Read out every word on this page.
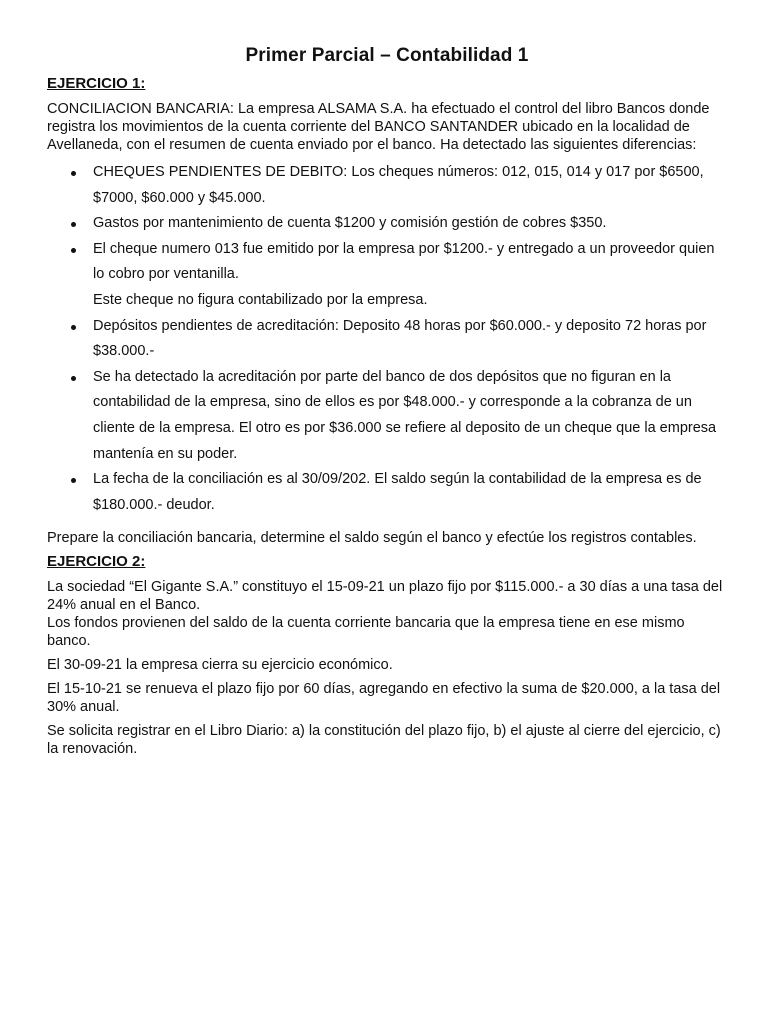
Primer Parcial – Contabilidad 1
EJERCICIO 1:

CONCILIACION BANCARIA: La empresa ALSAMA S.A. ha efectuado el control del libro Bancos donde registra los movimientos de la cuenta corriente del BANCO SANTANDER ubicado en la localidad de Avellaneda, con el resumen de cuenta enviado por el banco. Ha detectado las siguientes diferencias:

CHEQUES PENDIENTES DE DEBITO: Los cheques números: 012, 015, 014 y 017 por $6500, $7000, $60.000 y $45.000.
Gastos por mantenimiento de cuenta $1200 y comisión gestión de cobres $350.
El cheque numero 013 fue emitido por la empresa por $1200.- y entregado a un proveedor quien lo cobro por ventanilla.
Este cheque no figura contabilizado por la empresa.
Depósitos pendientes de acreditación: Deposito 48 horas por $60.000.- y deposito 72 horas por $38.000.-
Se ha detectado la acreditación por parte del banco de dos depósitos que no figuran en la contabilidad de la empresa, sino de ellos es por $48.000.- y corresponde a la cobranza de un cliente de la empresa. El otro es por $36.000 se refiere al deposito de un cheque que la empresa mantenía en su poder.
La fecha de la conciliación es al 30/09/202. El saldo según la contabilidad de la empresa es de $180.000.- deudor.

Prepare la conciliación bancaria, determine el saldo según el banco y efectúe los registros contables.

EJERCICIO 2:

La sociedad “El Gigante S.A.” constituyo el 15-09-21 un plazo fijo por $115.000.- a 30 días a una tasa del 24% anual en el Banco.

Los fondos provienen del saldo de la cuenta corriente bancaria que la empresa tiene en ese mismo banco.

El 30-09-21 la empresa cierra su ejercicio económico.

El 15-10-21 se renueva el plazo fijo por 60 días, agregando en efectivo la suma de $20.000, a la tasa del 30% anual.

Se solicita registrar en el Libro Diario: a) la constitución del plazo fijo, b) el ajuste al cierre del ejercicio, c) la renovación.
